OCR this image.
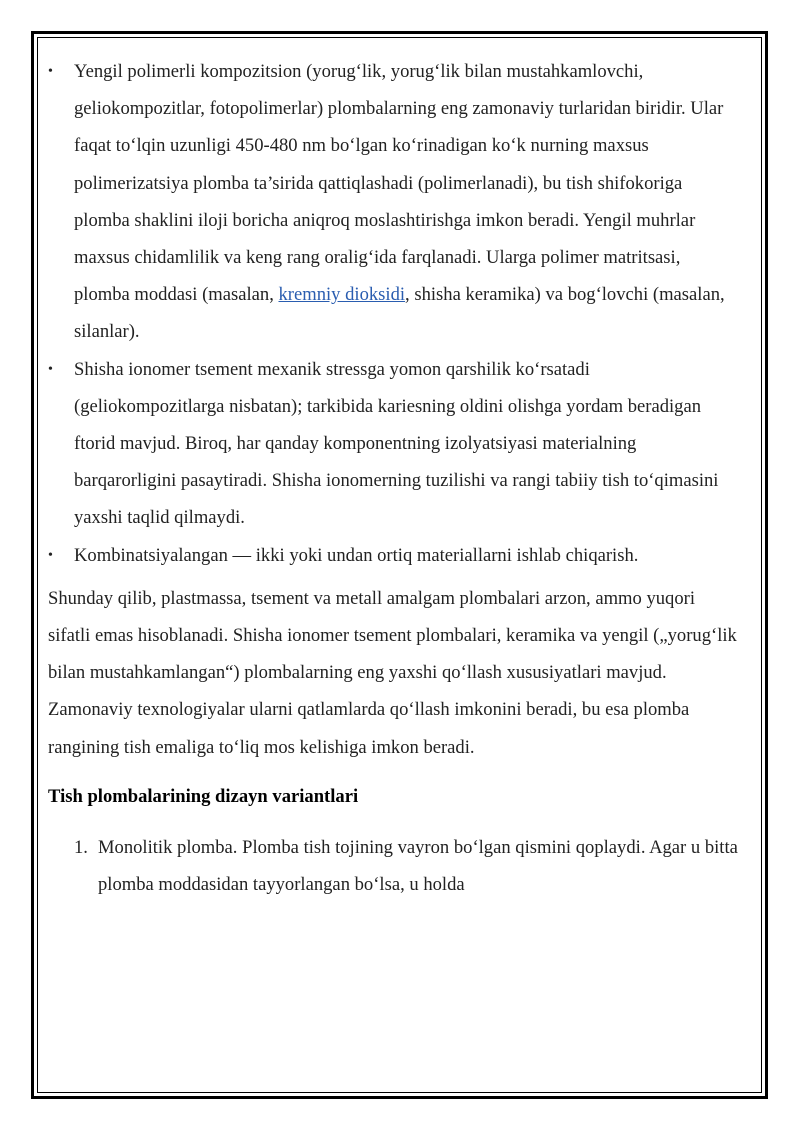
•	Yengil polimerli kompozitsion (yorug‘lik, yorug‘lik bilan mustahkamlovchi, geliokompozitlar, fotopolimerlar) plombalarning eng zamonaviy turlaridan biridir. Ular faqat to‘lqin uzunligi 450-480 nm bo‘lgan ko‘rinadigan ko‘k nurning maxsus polimerizatsiya plomba ta’sirida qattiqlashadi (polimerlanadi), bu tish shifokoriga plomba shaklini iloji boricha aniqroq moslashtirishga imkon beradi. Yengil muhrlar maxsus chidamlilik va keng rang oralig‘ida farqlanadi. Ularga polimer matritsasi, plomba moddasi (masalan, kremniy dioksidi, shisha keramika) va bog‘lovchi (masalan, silanlar).
•	Shisha ionomer tsement mexanik stressga yomon qarshilik ko‘rsatadi (geliokompozitlarga nisbatan); tarkibida kariesning oldini olishga yordam beradigan ftorid mavjud. Biroq, har qanday komponentning izolyatsiyasi materialning barqarorligini pasaytiradi. Shisha ionomerning tuzilishi va rangi tabiiy tish to‘qimasini yaxshi taqlid qilmaydi.
•	Kombinatsiyalangan — ikki yoki undan ortiq materiallarni ishlab chiqarish.

Shunday qilib, plastmassa, tsement va metall amalgam plombalari arzon, ammo yuqori sifatli emas hisoblanadi. Shisha ionomer tsement plombalari, keramika va yengil („yorug‘lik bilan mustahkamlangan“) plombalarning eng yaxshi qo‘llash xususiyatlari mavjud. Zamonaviy texnologiyalar ularni qatlamlarda qo‘llash imkonini beradi, bu esa plomba rangining tish emaliga to‘liq mos kelishiga imkon beradi.

Tish plombalarining dizayn variantlari

1. Monolitik plomba. Plomba tish tojining vayron bo‘lgan qismini qoplaydi. Agar u bitta plomba moddasidan tayyorlangan bo‘lsa, u holda
